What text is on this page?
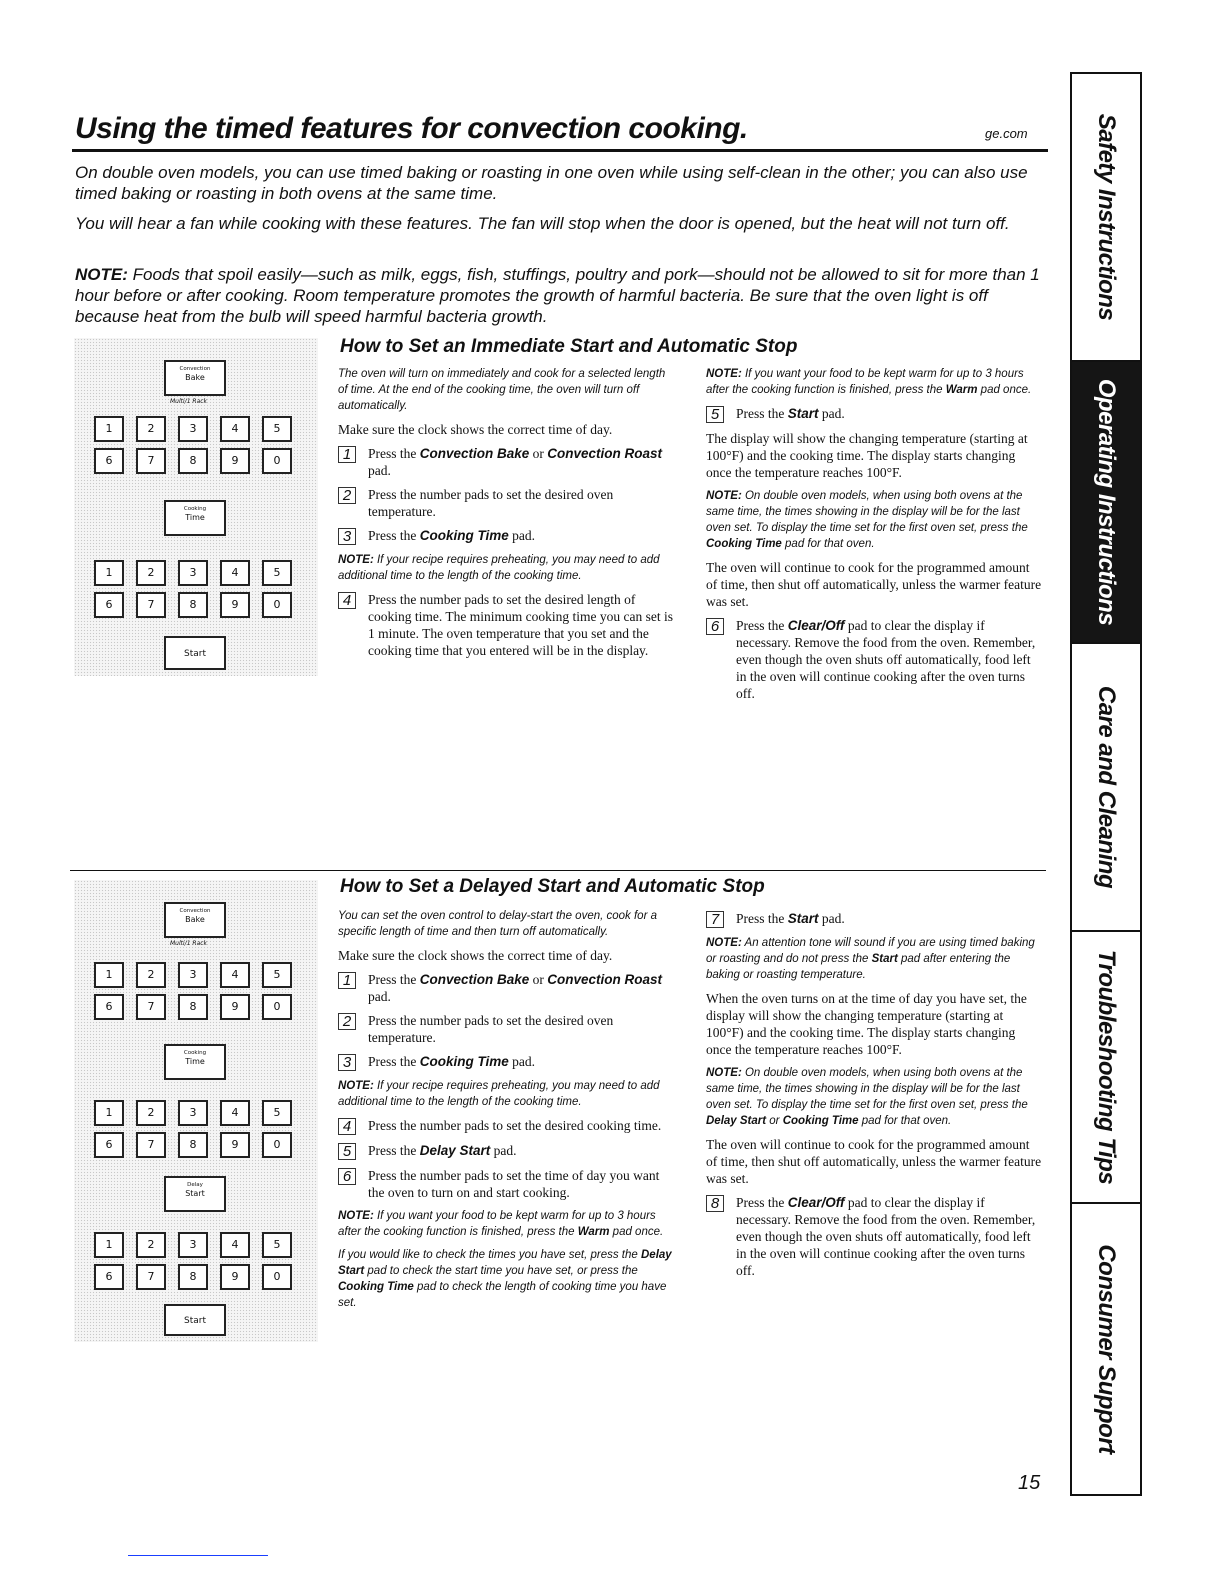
Using the timed features for convection cooking.	ge.com

On double oven models, you can use timed baking or roasting in one oven while using self-clean in the other; you can also use timed baking or roasting in both ovens at the same time.

You will hear a fan while cooking with these features. The fan will stop when the door is opened, but the heat will not turn off.

NOTE: Foods that spoil easily—such as milk, eggs, fish, stuffings, poultry and pork—should not be allowed to sit for more than 1 hour before or after cooking. Room temperature promotes the growth of harmful bacteria. Be sure that the oven light is off because heat from the bulb will speed harmful bacteria growth.

Convection
Bake
Multi/1 Rack
1	2	3	4	5
6	7	8	9	0
Cooking
Time
1	2	3	4	5
6	7	8	9	0
Start
How to Set an Immediate Start and Automatic Stop

The oven will turn on immediately and cook for a selected length of time. At the end of the cooking time, the oven will turn off automatically.

Make sure the clock shows the correct time of day.

1	Press the Convection Bake or Convection Roast pad.
2	Press the number pads to set the desired oven temperature.
3	Press the Cooking Time pad.

NOTE: If your recipe requires preheating, you may need to add additional time to the length of the cooking time.

4	Press the number pads to set the desired length of cooking time. The minimum cooking time you can set is 1 minute. The oven temperature that you set and the cooking time that you entered will be in the display.

NOTE: If you want your food to be kept warm for up to 3 hours after the cooking function is finished, press the Warm pad once.

5	Press the Start pad.

The display will show the changing temperature (starting at 100°F) and the cooking time. The display starts changing once the temperature reaches 100°F.

NOTE: On double oven models, when using both ovens at the same time, the times showing in the display will be for the last oven set. To display the time set for the first oven set, press the Cooking Time pad for that oven.

The oven will continue to cook for the programmed amount of time, then shut off automatically, unless the warmer feature was set.

6	Press the Clear/Off pad to clear the display if necessary. Remove the food from the oven. Remember, even though the oven shuts off automatically, food left in the oven will continue cooking after the oven turns off.
Convection
Bake
Multi/1 Rack
1	2	3	4	5
6	7	8	9	0
Cooking
Time
1	2	3	4	5
6	7	8	9	0
Delay
Start
1	2	3	4	5
6	7	8	9	0
Start
How to Set a Delayed Start and Automatic Stop

You can set the oven control to delay-start the oven, cook for a specific length of time and then turn off automatically.

Make sure the clock shows the correct time of day.

1	Press the Convection Bake or Convection Roast pad.
2	Press the number pads to set the desired oven temperature.
3	Press the Cooking Time pad.

NOTE: If your recipe requires preheating, you may need to add additional time to the length of the cooking time.

4	Press the number pads to set the desired cooking time.
5	Press the Delay Start pad.
6	Press the number pads to set the time of day you want the oven to turn on and start cooking.

NOTE: If you want your food to be kept warm for up to 3 hours after the cooking function is finished, press the Warm pad once.

If you would like to check the times you have set, press the Delay Start pad to check the start time you have set, or press the Cooking Time pad to check the length of cooking time you have set.

7	Press the Start pad.

NOTE: An attention tone will sound if you are using timed baking or roasting and do not press the Start pad after entering the baking or roasting temperature.

When the oven turns on at the time of day you have set, the display will show the changing temperature (starting at 100°F) and the cooking time. The display starts changing once the temperature reaches 100°F.

NOTE: On double oven models, when using both ovens at the same time, the times showing in the display will be for the last oven set. To display the time set for the first oven set, press the Delay Start or Cooking Time pad for that oven.

The oven will continue to cook for the programmed amount of time, then shut off automatically, unless the warmer feature was set.

8	Press the Clear/Off pad to clear the display if necessary. Remove the food from the oven. Remember, even though the oven shuts off automatically, food left in the oven will continue cooking after the oven turns off.
Safety Instructions
Operating Instructions
Care and Cleaning
Troubleshooting Tips
Consumer Support
15
